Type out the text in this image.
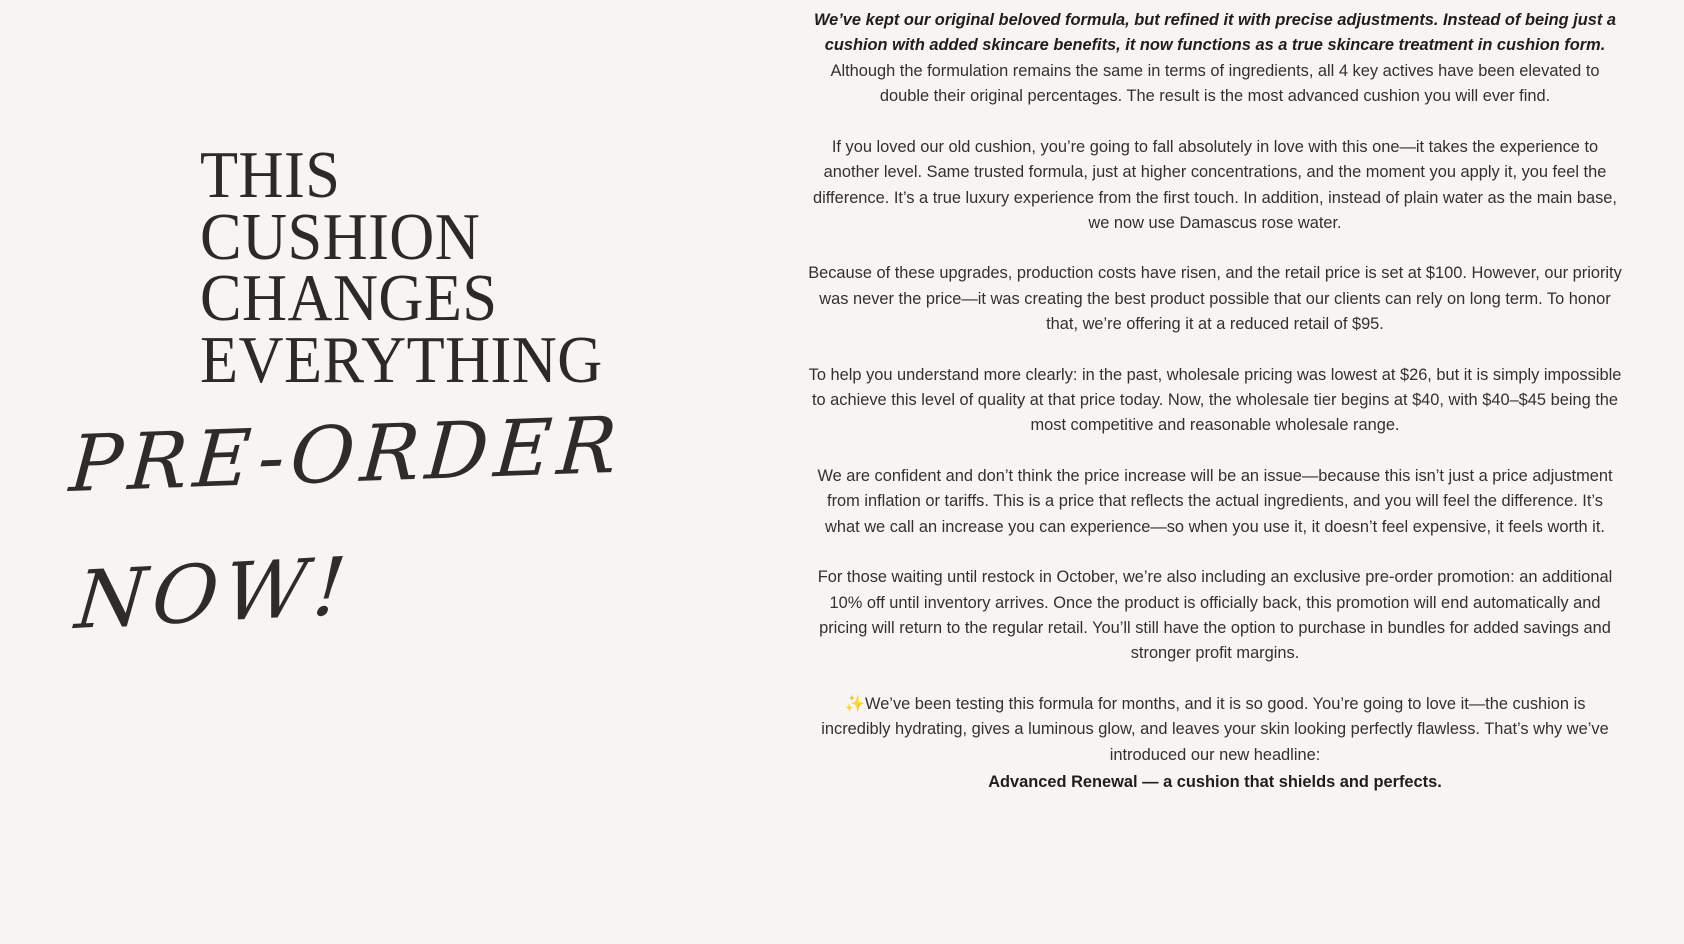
THIS
CUSHION
CHANGES
EVERYTHING
PRE-ORDER
NOW!

We’ve kept our original beloved formula, but refined it with precise adjustments. Instead of being just a cushion with added skincare benefits, it now functions as a true skincare treatment in cushion form. Although the formulation remains the same in terms of ingredients, all 4 key actives have been elevated to double their original percentages. The result is the most advanced cushion you will ever find.

If you loved our old cushion, you’re going to fall absolutely in love with this one—it takes the experience to another level. Same trusted formula, just at higher concentrations, and the moment you apply it, you feel the difference. It’s a true luxury experience from the first touch. In addition, instead of plain water as the main base, we now use Damascus rose water.

Because of these upgrades, production costs have risen, and the retail price is set at $100. However, our priority was never the price—it was creating the best product possible that our clients can rely on long term. To honor that, we’re offering it at a reduced retail of $95.

To help you understand more clearly: in the past, wholesale pricing was lowest at $26, but it is simply impossible to achieve this level of quality at that price today. Now, the wholesale tier begins at $40, with $40–$45 being the most competitive and reasonable wholesale range.

We are confident and don’t think the price increase will be an issue—because this isn’t just a price adjustment from inflation or tariffs. This is a price that reflects the actual ingredients, and you will feel the difference. It’s what we call an increase you can experience—so when you use it, it doesn’t feel expensive, it feels worth it.

For those waiting until restock in October, we’re also including an exclusive pre-order promotion: an additional 10% off until inventory arrives. Once the product is officially back, this promotion will end automatically and pricing will return to the regular retail. You’ll still have the option to purchase in bundles for added savings and stronger profit margins.

✨We’ve been testing this formula for months, and it is so good. You’re going to love it—the cushion is incredibly hydrating, gives a luminous glow, and leaves your skin looking perfectly flawless. That’s why we’ve introduced our new headline:
Advanced Renewal — a cushion that shields and perfects.
